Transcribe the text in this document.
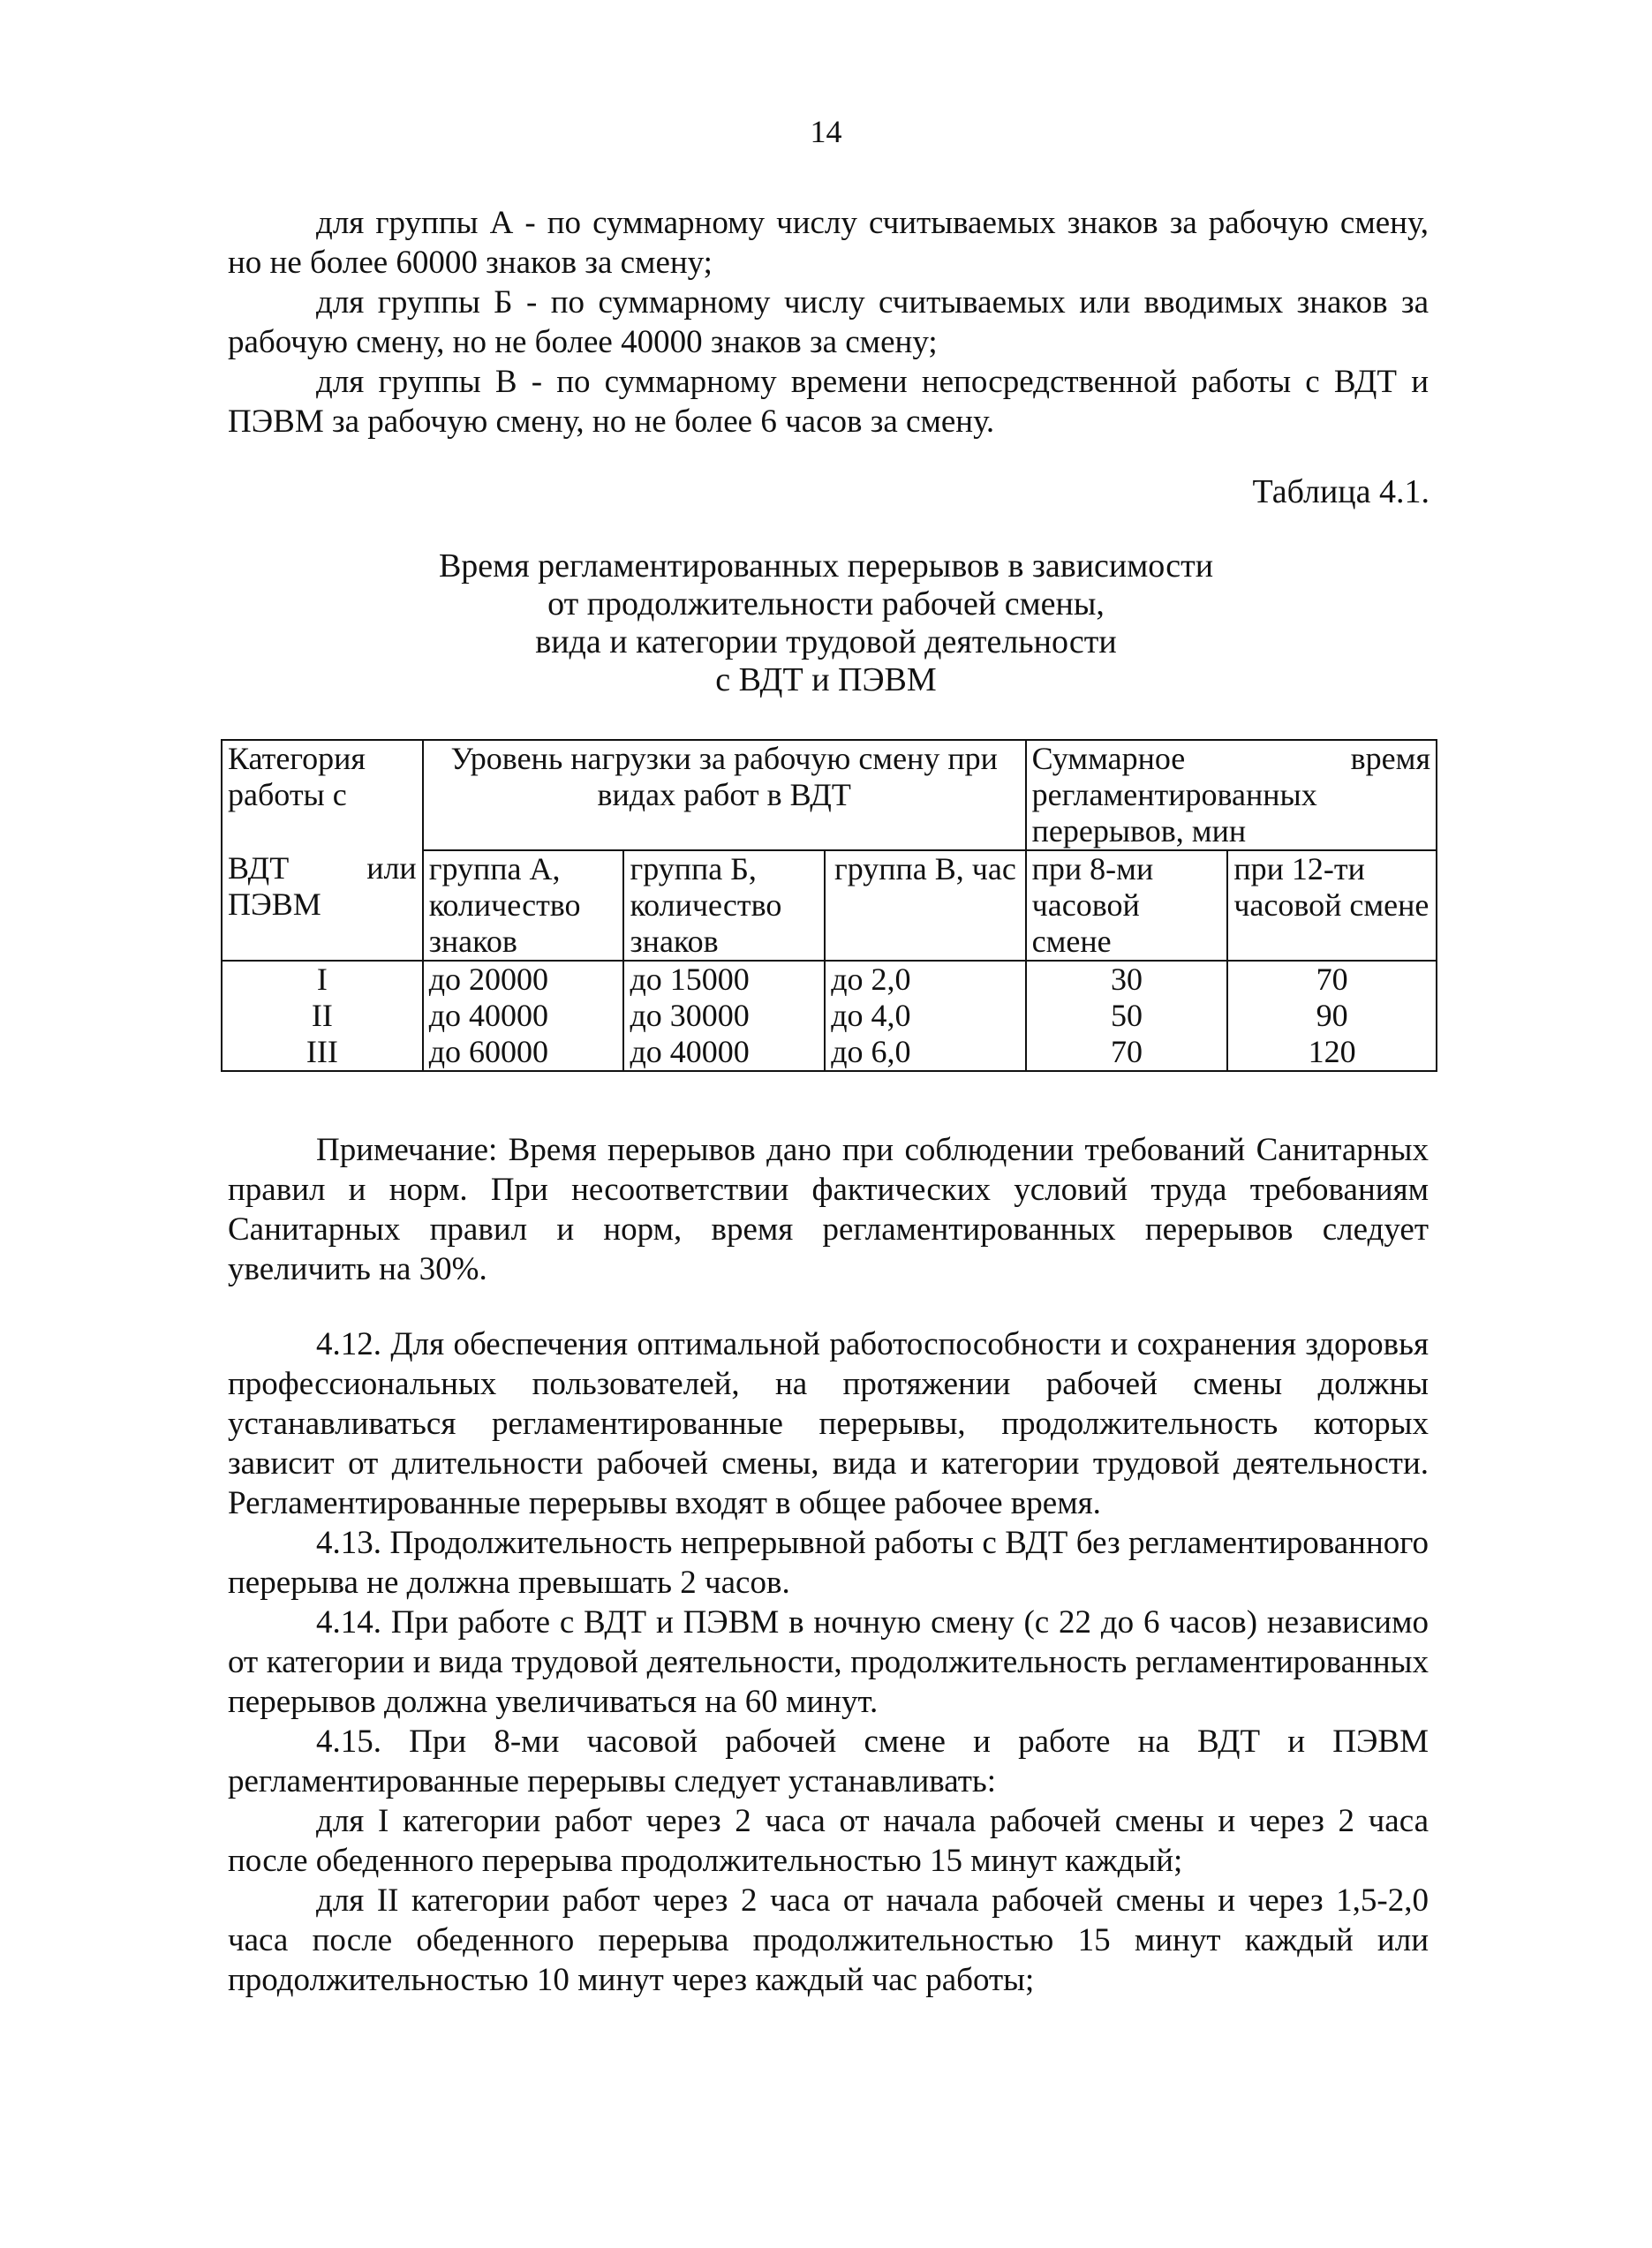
14

для группы А - по суммарному числу считываемых знаков за рабочую смену, но не более 60000 знаков за смену;

для группы Б - по суммарному числу считываемых или вводимых знаков за рабочую смену, но не более 40000 знаков за смену;

для группы В - по суммарному времени непосредственной работы с ВДТ и ПЭВМ за рабочую смену, но не более 6 часов за смену.

Таблица 4.1.
Время регламентированных перерывов в зависимости
от продолжительности рабочей смены,
вида и категории трудовой деятельности
с ВДТ и ПЭВМ
Категория работы с	Уровень нагрузки за рабочую смену при видах работ в ВДТ			Суммарное время регламентированных перерывов, мин	

ВДТ или
ПЭВМ	группа А, количество знаков	группа Б, количество знаков	группа В, час	при 8-ми часовой смене	при 12-ти часовой смене
I	до 20000	до 15000	до 2,0	30	70
II	до 40000	до 30000	до 4,0	50	90
III	до 60000	до 40000	до 6,0	70	120

Примечание: Время перерывов дано при соблюдении требований Санитарных правил и норм. При несоответствии фактических условий труда требованиям Санитарных правил и норм, время регламентированных перерывов следует увеличить на 30%.

4.12. Для обеспечения оптимальной работоспособности и сохранения здоровья профессиональных пользователей, на протяжении рабочей смены должны устанавливаться регламентированные перерывы, продолжительность которых зависит от длительности рабочей смены, вида и категории трудовой деятельности. Регламентированные перерывы входят в общее рабочее время.

4.13. Продолжительность непрерывной работы с ВДТ без регламентированного перерыва не должна превышать 2 часов.

4.14. При работе с ВДТ и ПЭВМ в ночную смену (с 22 до 6 часов) независимо от категории и вида трудовой деятельности, продолжительность регламентированных перерывов должна увеличиваться на 60 минут.

4.15. При 8-ми часовой рабочей смене и работе на ВДТ и ПЭВМ регламентированные перерывы следует устанавливать:

для I категории работ через 2 часа от начала рабочей смены и через 2 часа после обеденного перерыва продолжительностью 15 минут каждый;

для II категории работ через 2 часа от начала рабочей смены и через 1,5-2,0 часа после обеденного перерыва продолжительностью 15 минут каждый или продолжительностью 10 минут через каждый час работы;
